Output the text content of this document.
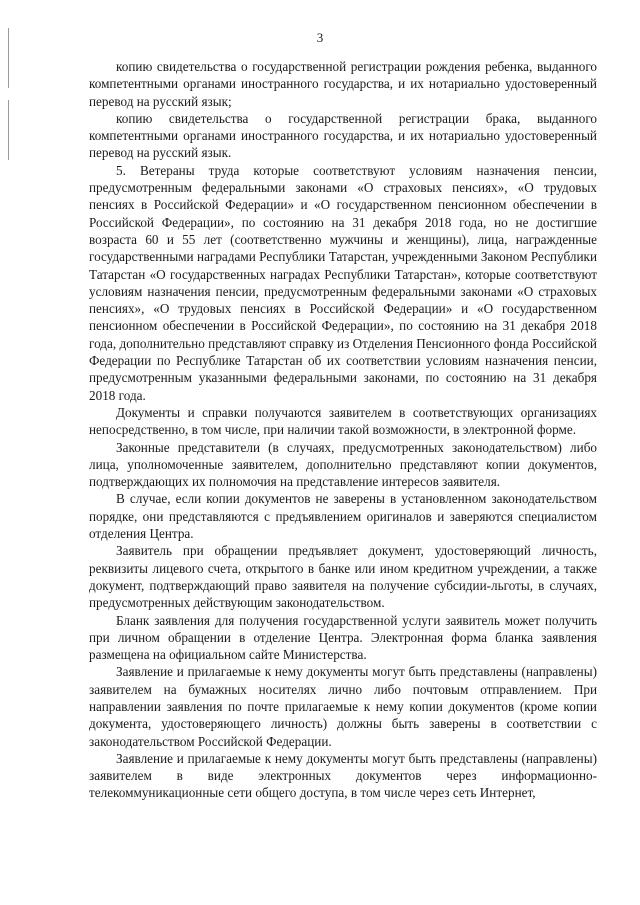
3

копию свидетельства о государственной регистрации рождения ребенка, выданного компетентными органами иностранного государства, и их нотариально удостоверенный перевод на русский язык;

копию свидетельства о государственной регистрации брака, выданного компетентными органами иностранного государства, и их нотариально удостоверенный перевод на русский язык.

5. Ветераны труда которые соответствуют условиям назначения пенсии, предусмотренным федеральными законами «О страховых пенсиях», «О трудовых пенсиях в Российской Федерации» и «О государственном пенсионном обеспечении в Российской Федерации», по состоянию на 31 декабря 2018 года, но не достигшие возраста 60 и 55 лет (соответственно мужчины и женщины), лица, награжденные государственными наградами Республики Татарстан, учрежденными Законом Республики Татарстан «О государственных наградах Республики Татарстан», которые соответствуют условиям назначения пенсии, предусмотренным федеральными законами «О страховых пенсиях», «О трудовых пенсиях в Российской Федерации» и «О государственном пенсионном обеспечении в Российской Федерации», по состоянию на 31 декабря 2018 года, дополнительно представляют справку из Отделения Пенсионного фонда Российской Федерации по Республике Татарстан об их соответствии условиям назначения пенсии, предусмотренным указанными федеральными законами, по состоянию на 31 декабря 2018 года.

Документы и справки получаются заявителем в соответствующих организациях непосредственно, в том числе, при наличии такой возможности, в электронной форме.

Законные представители (в случаях, предусмотренных законодательством) либо лица, уполномоченные заявителем, дополнительно представляют копии документов, подтверждающих их полномочия на представление интересов заявителя.

В случае, если копии документов не заверены в установленном законодательством порядке, они представляются с предъявлением оригиналов и заверяются специалистом отделения Центра.

Заявитель при обращении предъявляет документ, удостоверяющий личность, реквизиты лицевого счета, открытого в банке или ином кредитном учреждении, а также документ, подтверждающий право заявителя на получение субсидии-льготы, в случаях, предусмотренных действующим законодательством.

Бланк заявления для получения государственной услуги заявитель может получить при личном обращении в отделение Центра. Электронная форма бланка заявления размещена на официальном сайте Министерства.

Заявление и прилагаемые к нему документы могут быть представлены (направлены) заявителем на бумажных носителях лично либо почтовым отправлением. При направлении заявления по почте прилагаемые к нему копии документов (кроме копии документа, удостоверяющего личность) должны быть заверены в соответствии с законодательством Российской Федерации.

Заявление и прилагаемые к нему документы могут быть представлены (направлены) заявителем в виде электронных документов через информационно-телекоммуникационные сети общего доступа, в том числе через сеть Интернет,
